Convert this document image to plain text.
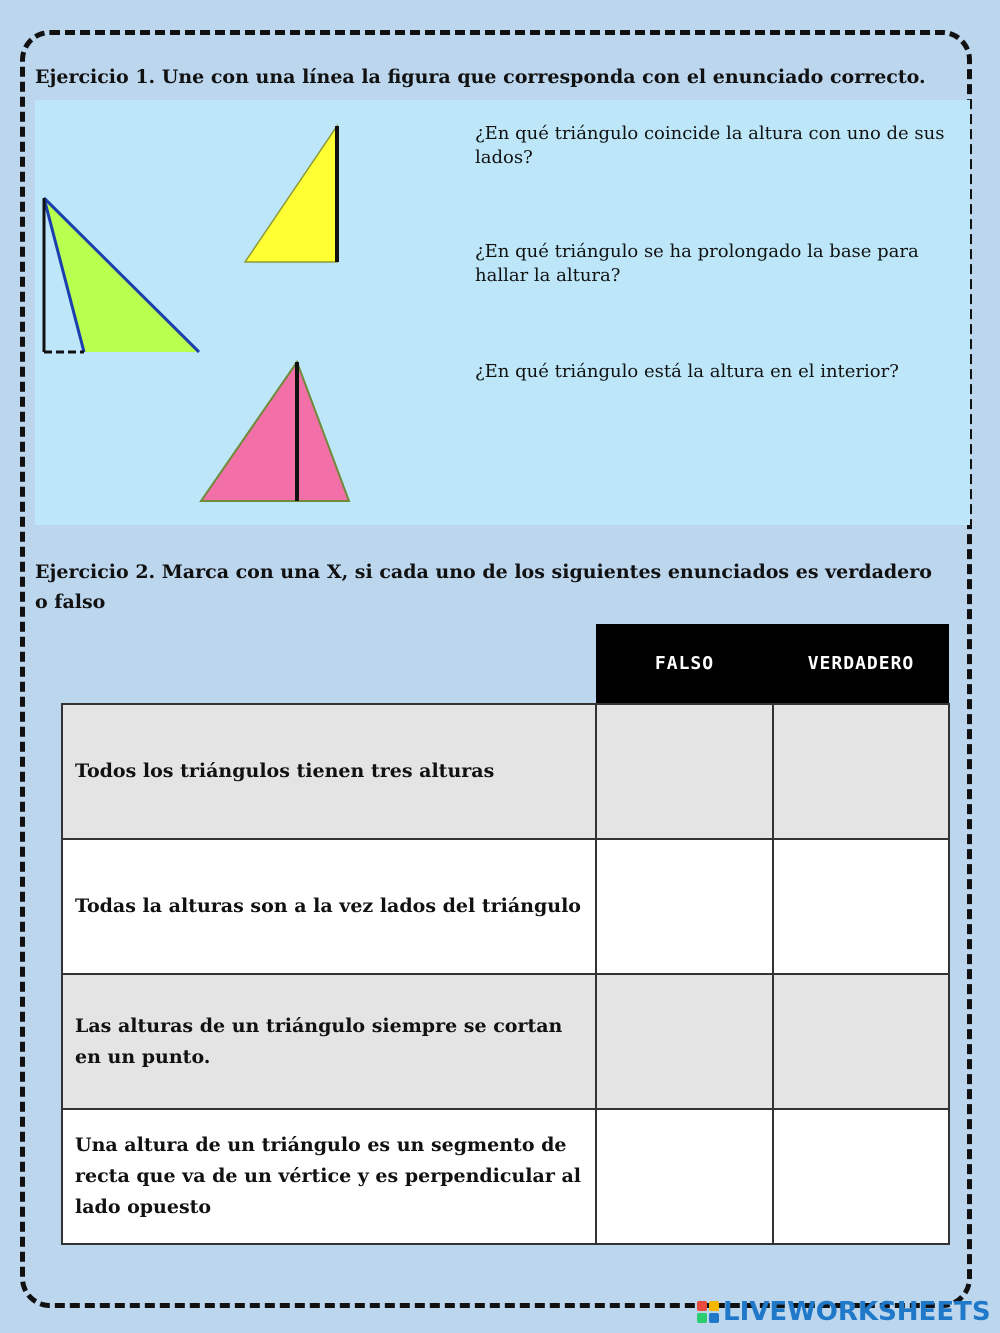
Ejercicio 1. Une con una línea la figura que corresponda con el enunciado correcto.
¿En qué triángulo coincide la altura con uno de sus lados?
¿En qué triángulo se ha prolongado la base para hallar la altura?
¿En qué triángulo está la altura en el interior?
Ejercicio 2. Marca con una X, si cada uno de los siguientes enunciados es verdadero o falso
	FALSO	VERDADERO
Todos los triángulos tienen tres alturas		
Todas la alturas son a la vez lados del triángulo		
Las alturas de un triángulo siempre se cortan en un punto.		
Una altura de un triángulo es un segmento de recta que va de un vértice y es perpendicular al lado opuesto		
LIVEWORKSHEETS
